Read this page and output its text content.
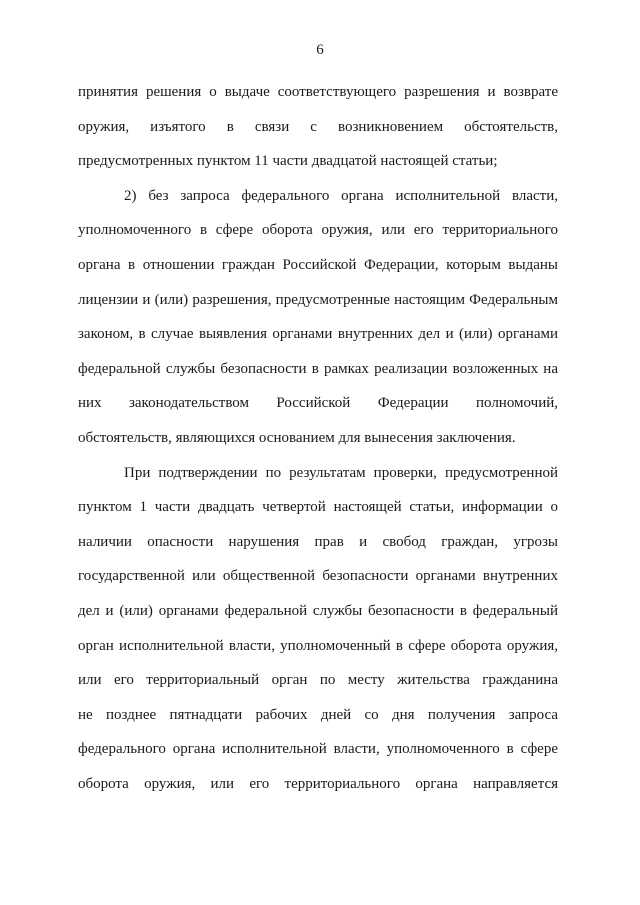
6
принятия решения о выдаче соответствующего разрешения и возврате
оружия, изъятого в связи с возникновением обстоятельств,
предусмотренных пунктом 11 части двадцатой настоящей статьи;
2) без запроса федерального органа исполнительной власти,
уполномоченного в сфере оборота оружия, или его территориального
органа в отношении граждан Российской Федерации, которым выданы
лицензии и (или) разрешения, предусмотренные настоящим Федеральным
законом, в случае выявления органами внутренних дел и (или) органами
федеральной службы безопасности в рамках реализации возложенных на
них законодательством Российской Федерации полномочий,
обстоятельств, являющихся основанием для вынесения заключения.
При подтверждении по результатам проверки, предусмотренной
пунктом 1 части двадцать четвертой настоящей статьи, информации о
наличии опасности нарушения прав и свобод граждан, угрозы
государственной или общественной безопасности органами внутренних
дел и (или) органами федеральной службы безопасности в федеральный
орган исполнительной власти, уполномоченный в сфере оборота оружия,
или его территориальный орган по месту жительства гражданина
не позднее пятнадцати рабочих дней со дня получения запроса
федерального органа исполнительной власти, уполномоченного в сфере
оборота оружия, или его территориального органа направляется
